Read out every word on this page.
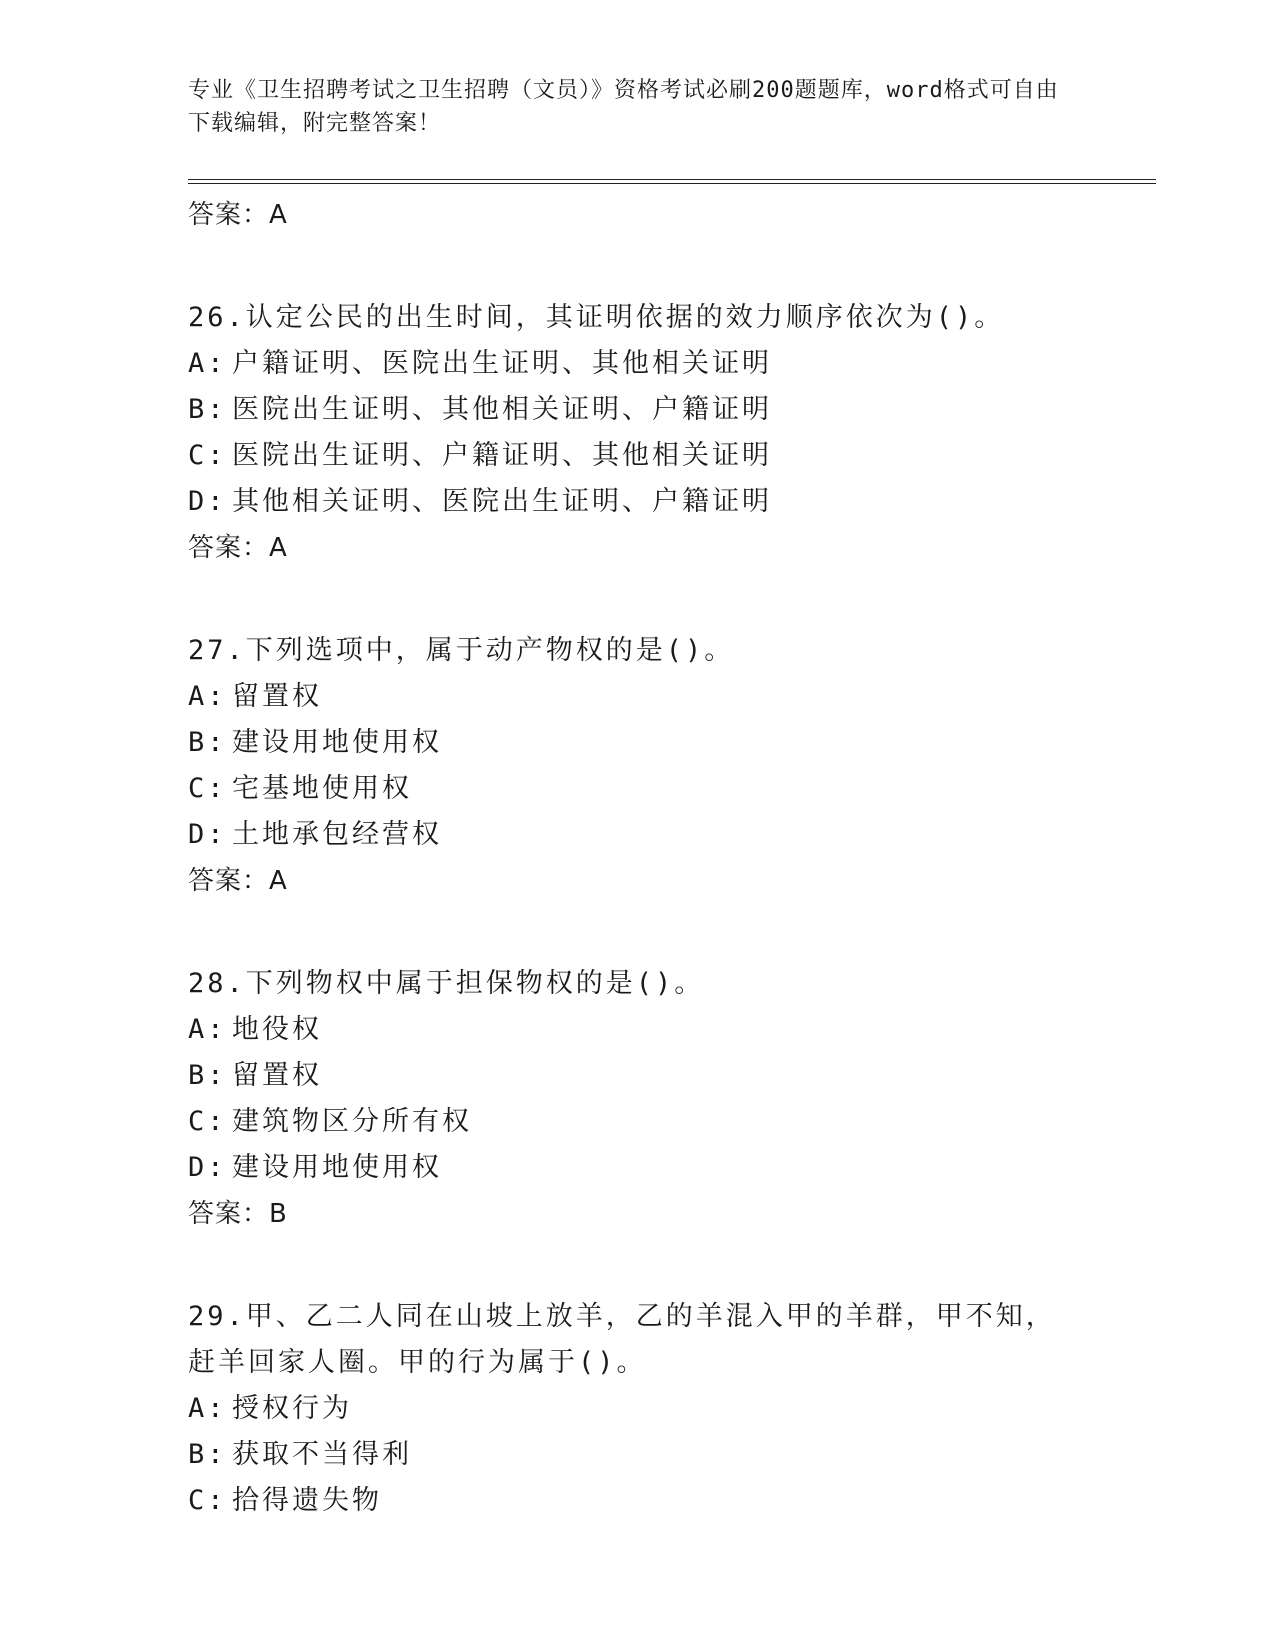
专业《卫生招聘考试之卫生招聘（文员）》资格考试必刷200题题库，word格式可自由下载编辑，附完整答案！
答案：A
26.认定公民的出生时间，其证明依据的效力顺序依次为()。
A: 户籍证明、医院出生证明、其他相关证明
B: 医院出生证明、其他相关证明、户籍证明
C: 医院出生证明、户籍证明、其他相关证明
D: 其他相关证明、医院出生证明、户籍证明
答案：A
27.下列选项中，属于动产物权的是()。
A: 留置权
B: 建设用地使用权
C: 宅基地使用权
D: 土地承包经营权
答案：A
28.下列物权中属于担保物权的是()。
A: 地役权
B: 留置权
C: 建筑物区分所有权
D: 建设用地使用权
答案：B
29.甲、乙二人同在山坡上放羊，乙的羊混入甲的羊群，甲不知，赶羊回家人圈。甲的行为属于()。
A: 授权行为
B: 获取不当得利
C: 拾得遗失物
